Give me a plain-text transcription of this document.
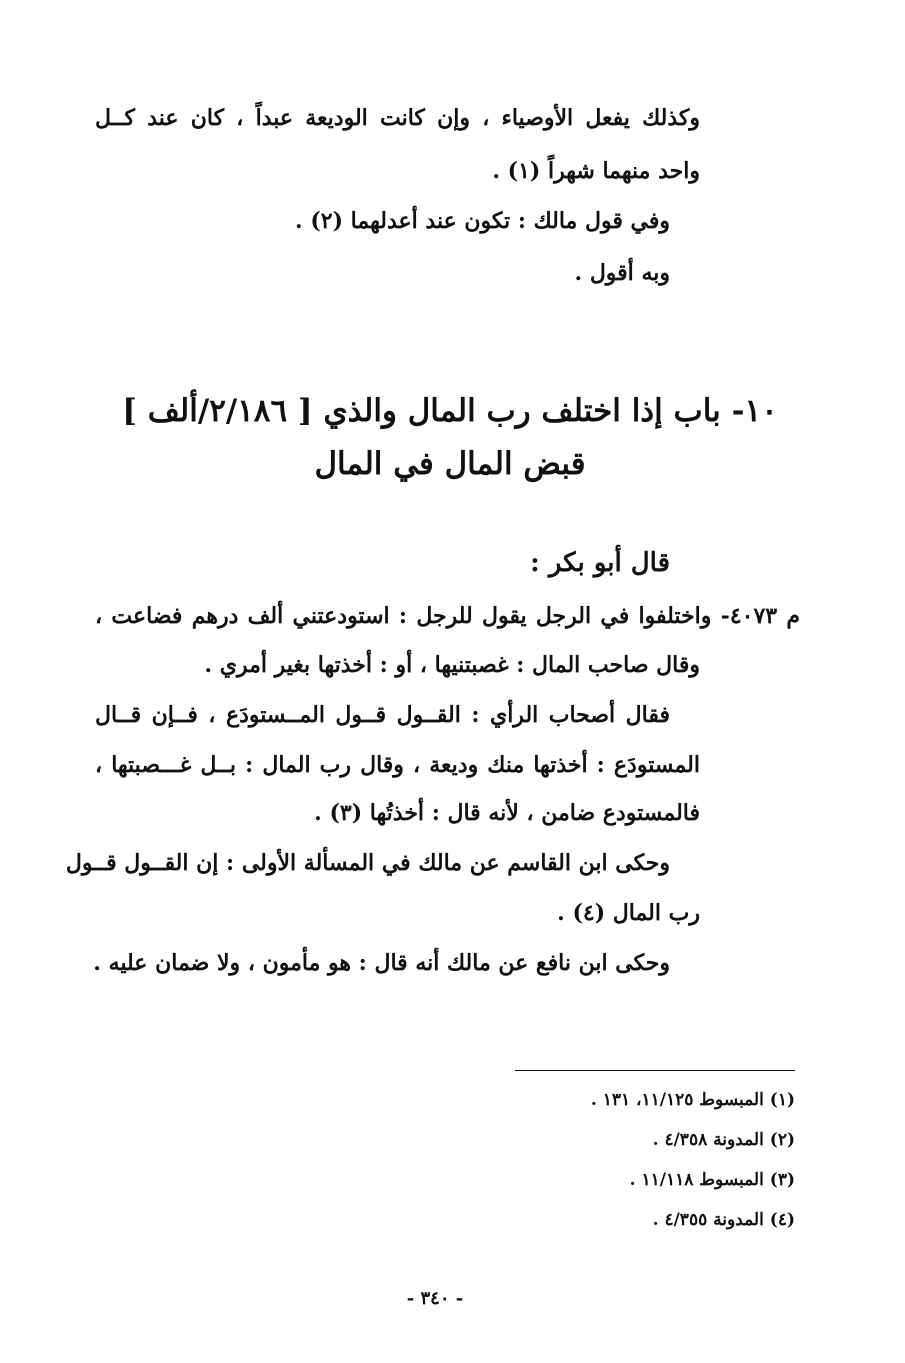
وكذلك يفعل الأوصياء ، وإن كانت الوديعة عبداً ، كان عند كــل
واحد منهما شهراً (١) .
وفي قول مالك : تكون عند أعدلهما (٢) .
وبه أقول .
١٠- باب إذا اختلف رب المال والذي [ ٢/١٨٦/ألف ]
قبض المال في المال
قال أبو بكر :
م ٤٠٧٣- واختلفوا في الرجل يقول للرجل : استودعتني ألف درهم فضاعت ،
وقال صاحب المال : غصبتنيها ، أو : أخذتها بغير أمري .
فقال أصحاب الرأي : القــول قــول المــستودَع ، فــإن قــال
المستودَع : أخذتها منك وديعة ، وقال رب المال : بــل غـــصبتها ،
فالمستودع ضامن ، لأنه قال : أخذتُها (٣) .
وحكى ابن القاسم عن مالك في المسألة الأولى : إن القــول قــول
رب المال (٤) .
وحكى ابن نافع عن مالك أنه قال : هو مأمون ، ولا ضمان عليه .
(١) المبسوط ١١/١٢٥، ١٣١ .
(٢) المدونة ٤/٣٥٨ .
(٣) المبسوط ١١/١١٨ .
(٤) المدونة ٤/٣٥٥ .
- ٣٤٠ -
